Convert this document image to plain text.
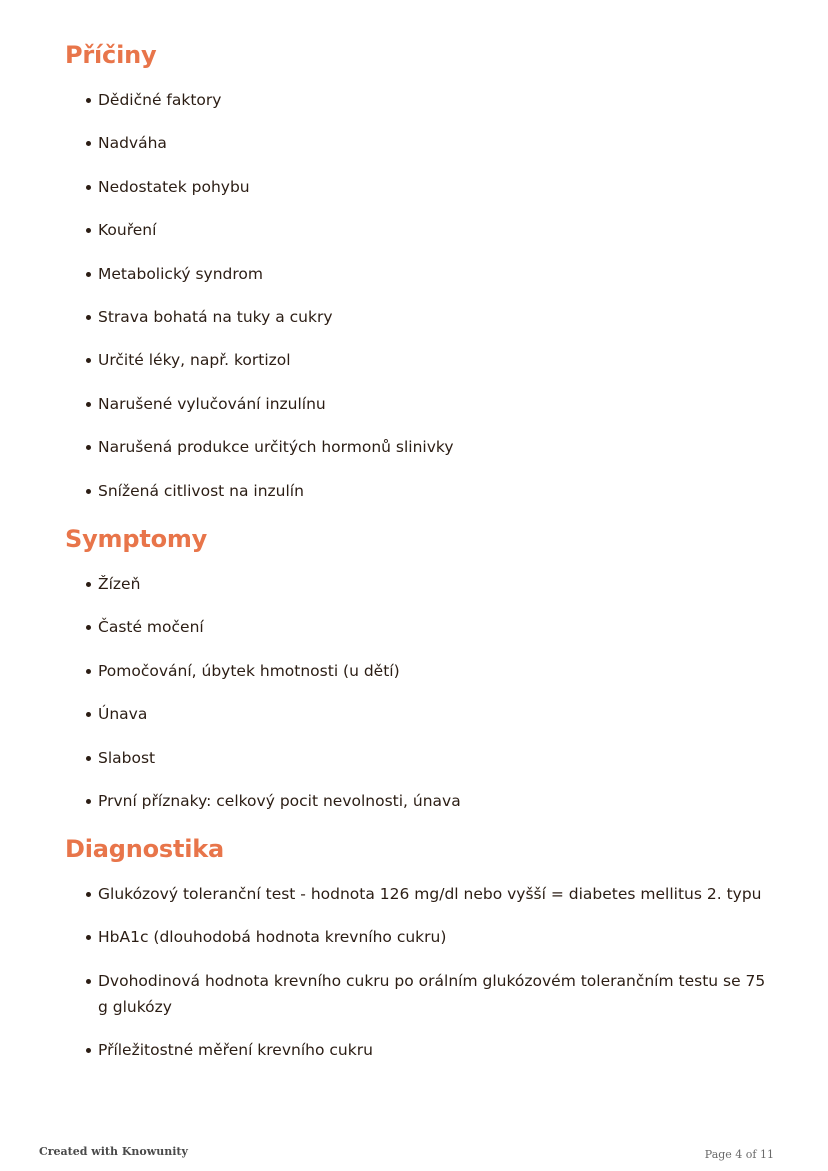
Příčiny
Dědičné faktory
Nadváha
Nedostatek pohybu
Kouření
Metabolický syndrom
Strava bohatá na tuky a cukry
Určité léky, např. kortizol
Narušené vylučování inzulínu
Narušená produkce určitých hormonů slinivky
Snížená citlivost na inzulín
Symptomy
Žízeň
Časté močení
Pomočování, úbytek hmotnosti (u dětí)
Únava
Slabost
První příznaky: celkový pocit nevolnosti, únava
Diagnostika
Glukózový toleranční test - hodnota 126 mg/dl nebo vyšší = diabetes mellitus 2. typu
HbA1c (dlouhodobá hodnota krevního cukru)
Dvohodinová hodnota krevního cukru po orálním glukózovém tolerančním testu se 75 g glukózy
Příležitostné měření krevního cukru
Created with Knowunity	Page 4 of 11
